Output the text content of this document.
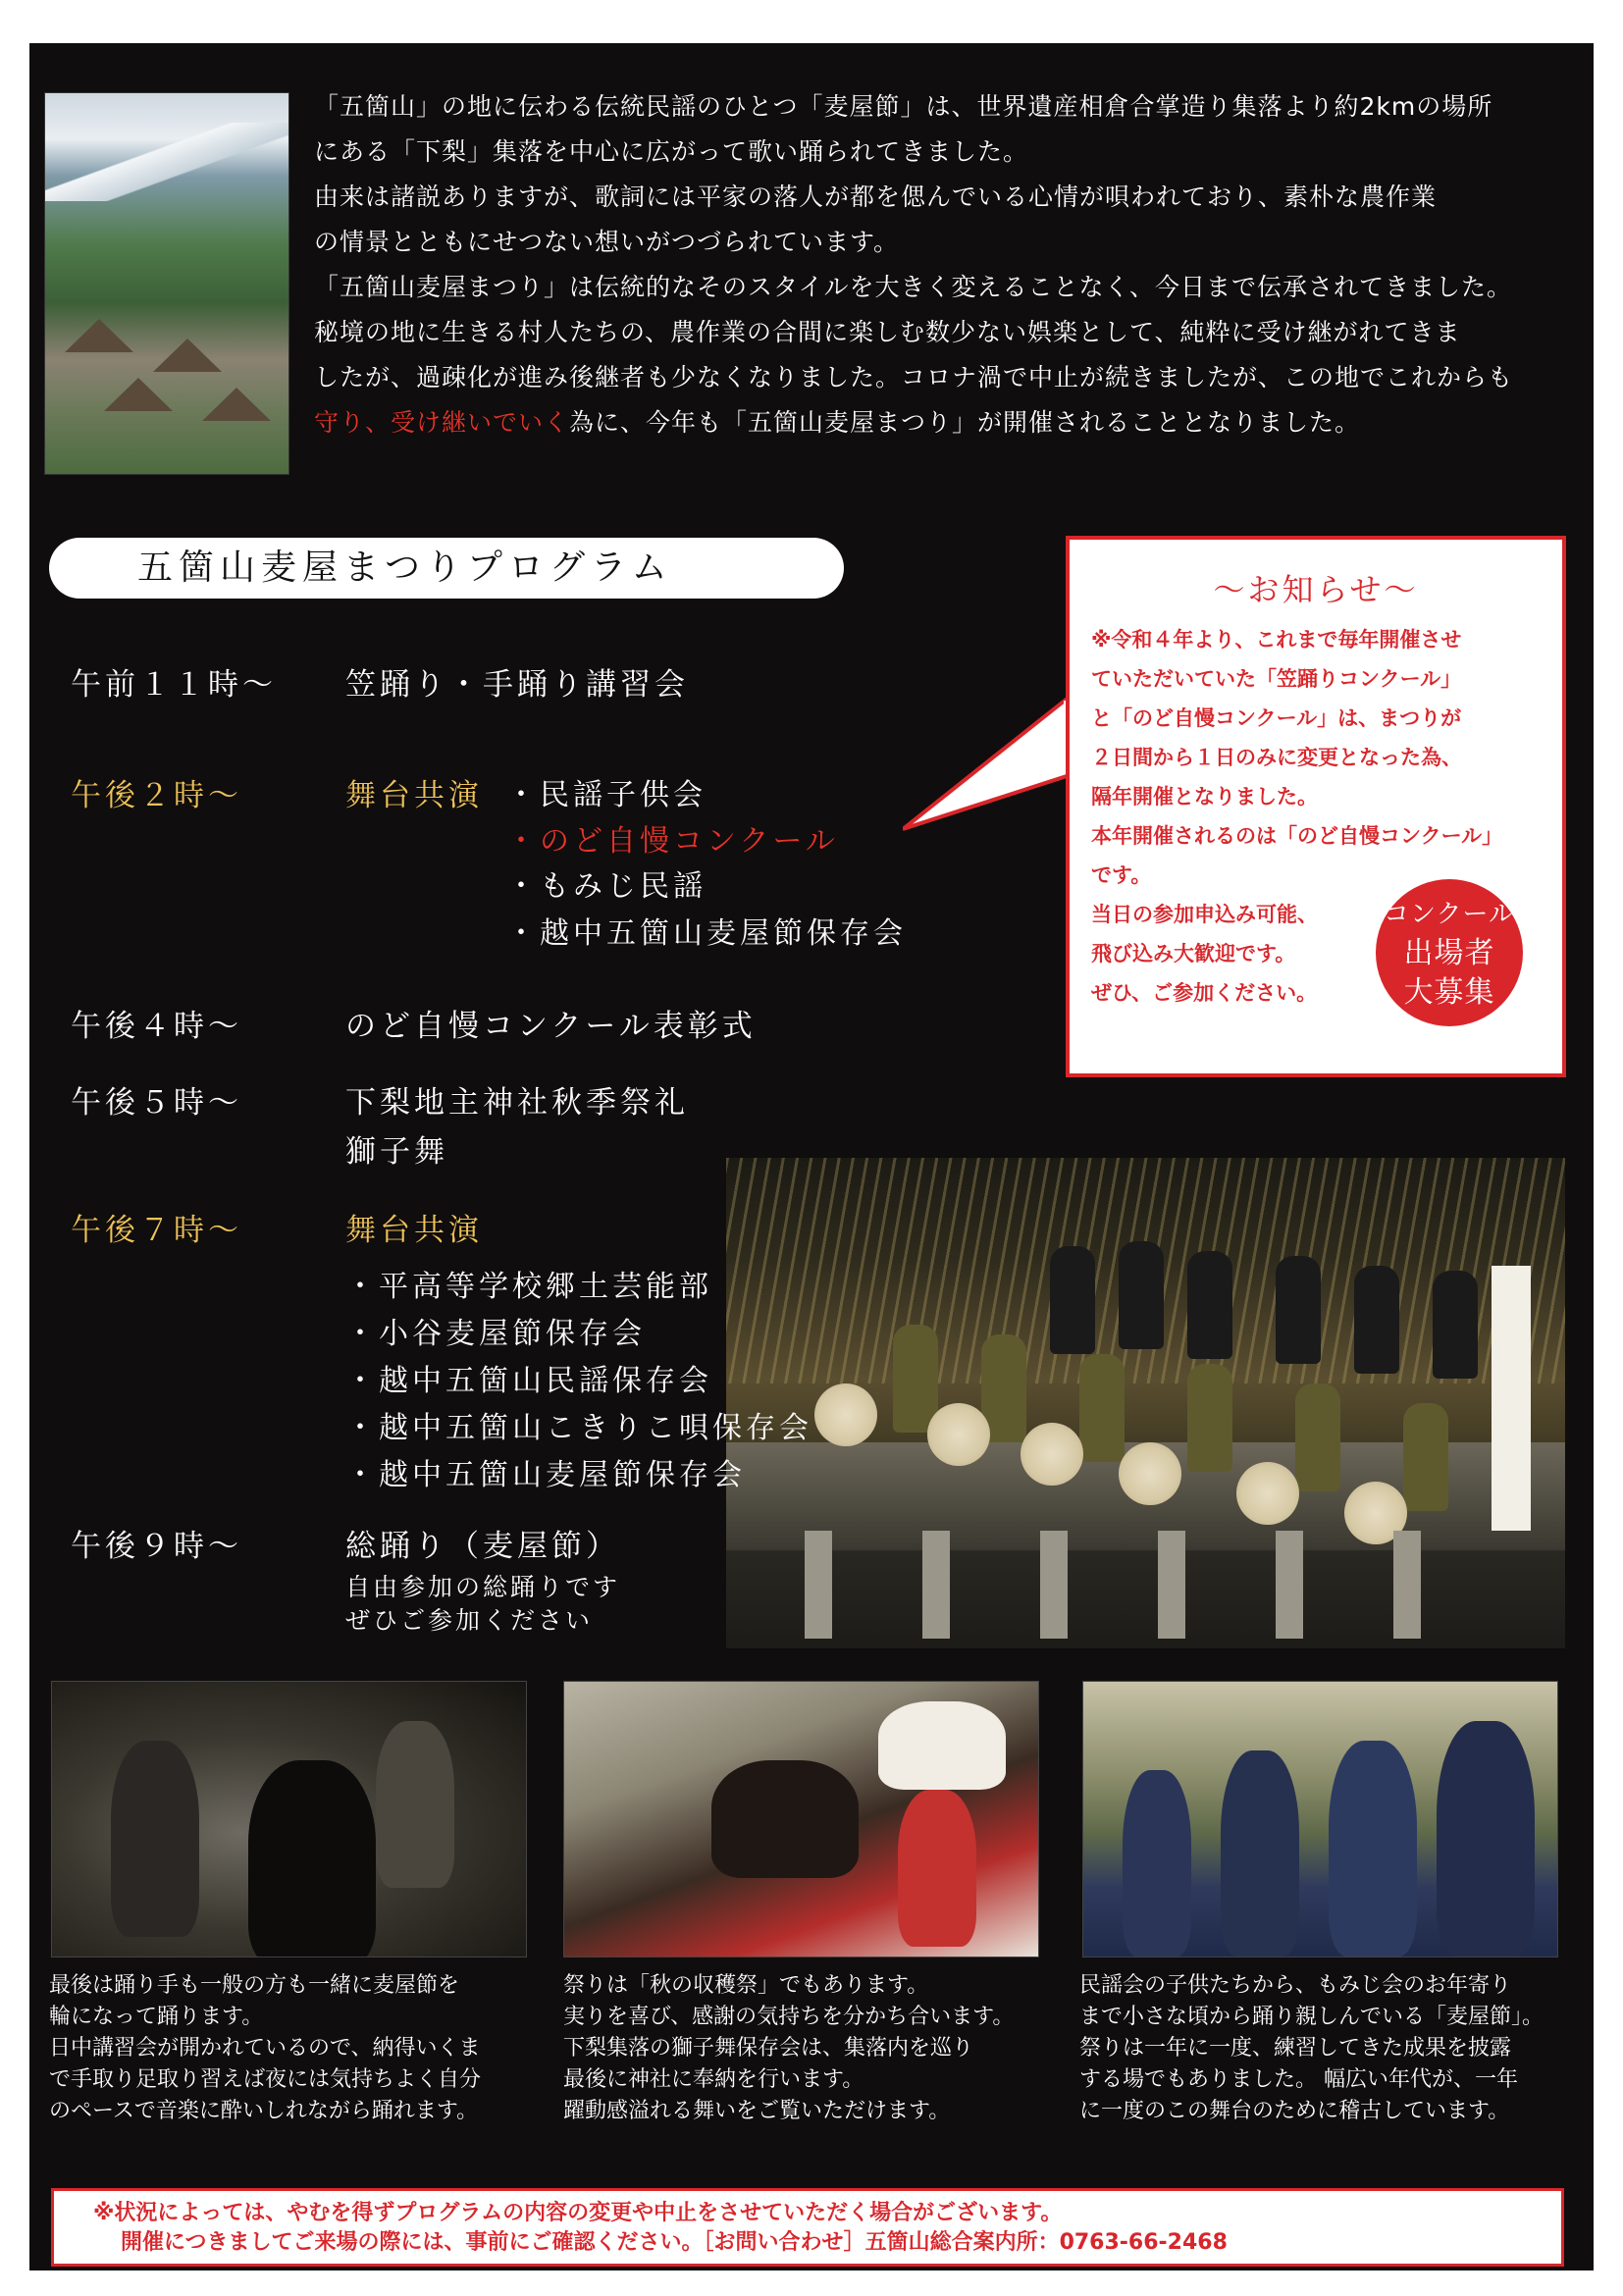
「五箇山」の地に伝わる伝統民謡のひとつ「麦屋節」は、世界遺産相倉合掌造り集落より約2kmの場所

にある「下梨」集落を中心に広がって歌い踊られてきました。

由来は諸説ありますが、歌詞には平家の落人が都を偲んでいる心情が唄われており、素朴な農作業

の情景とともにせつない想いがつづられています。

「五箇山麦屋まつり」は伝統的なそのスタイルを大きく変えることなく、今日まで伝承されてきました。

秘境の地に生きる村人たちの、農作業の合間に楽しむ数少ない娯楽として、純粋に受け継がれてきま

したが、過疎化が進み後継者も少なくなりました。コロナ渦で中止が続きましたが、この地でこれからも

守り、受け継いでいく為に、今年も「五箇山麦屋まつり」が開催されることとなりました。

五箇山麦屋まつりプログラム
午前１１時～ 笠踊り・手踊り講習会
午後２時～	舞台共演 ・民謡子供会
・のど自慢コンクール
・もみじ民謡
・越中五箇山麦屋節保存会
午後４時～	のど自慢コンクール表彰式
午後５時～	下梨地主神社秋季祭礼
獅子舞
午後７時～	舞台共演
・平高等学校郷土芸能部
・小谷麦屋節保存会
・越中五箇山民謡保存会
・越中五箇山こきりこ唄保存会
・越中五箇山麦屋節保存会
午後９時～	総踊り（麦屋節）
自由参加の総踊りです
ぜひご参加ください
～お知らせ～

※令和４年より、これまで毎年開催させ

ていただいていた「笠踊りコンクール」

と「のど自慢コンクール」は、まつりが

２日間から１日のみに変更となった為、

隔年開催となりました。

本年開催されるのは「のど自慢コンクール」

です。

当日の参加申込み可能、

飛び込み大歓迎です。

ぜひ、ご参加ください。

コンクール
出場者
大募集

最後は踊り手も一般の方も一緒に麦屋節を

輪になって踊ります。

日中講習会が開かれているので、納得いくま

で手取り足取り習えば夜には気持ちよく自分

のペースで音楽に酔いしれながら踊れます。

祭りは「秋の収穫祭」でもあります。

実りを喜び、感謝の気持ちを分かち合います。

下梨集落の獅子舞保存会は、集落内を巡り

最後に神社に奉納を行います。

躍動感溢れる舞いをご覧いただけます。

民謡会の子供たちから、もみじ会のお年寄り

まで小さな頃から踊り親しんでいる「麦屋節」。

祭りは一年に一度、練習してきた成果を披露

する場でもありました。 幅広い年代が、一年

に一度のこの舞台のために稽古しています。

※状況によっては、やむを得ずプログラムの内容の変更や中止をさせていただく場合がございます。

開催につきましてご来場の際には、事前にご確認ください。［お問い合わせ］五箇山総合案内所：0763-66-2468
